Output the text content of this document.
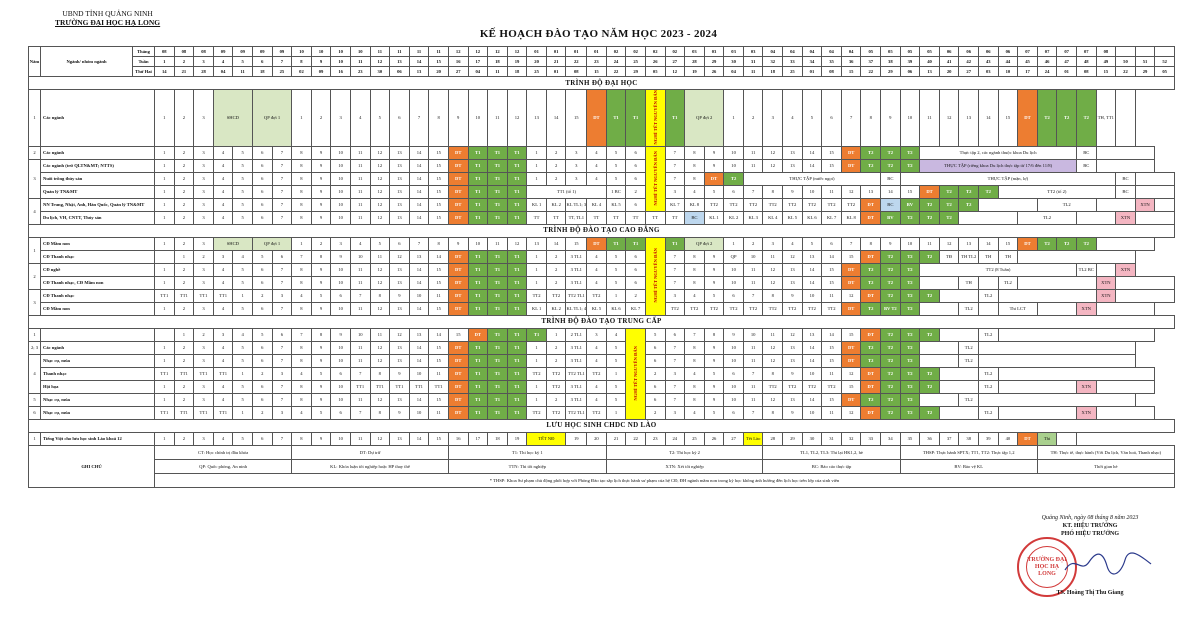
UBND TỈNH QUẢNG NINH
TRƯỜNG ĐẠI HỌC HẠ LONG
KẾ HOẠCH ĐÀO TẠO NĂM HỌC 2023 - 2024
Năm	Ngành/ nhóm ngành	Tháng	08	08	08	09	09	09	09	10	10	10	10	11	11	11	11	12	12	12	12	01	01	01	01	02	02	02	02	03	03	03	03	04	04	04	04	04	05	05	05	05	06	06	06	06	07	07	07	07	08			
		Tuần	1	2	3	4	5	6	7	8	9	10	11	12	13	14	15	16	17	18	19	20	21	22	23	24	25	26	27	28	29	30	31	32	33	34	35	36	37	38	39	40	41	42	43	44	45	46	47	48	49	50	51	52
		Thứ Hai	14	21	28	04	11	18	25	02	09	16	23	30	06	13	20	27	04	11	18	25	01	08	15	22	29	05	12	19	26	04	11	18	25	01	08	15	22	29	06	13	20	27	03	10	17	24	01	08	15	22	29	05
TRÌNH ĐỘ ĐẠI HỌC																																																						
1	Các ngành		1	2	3	SHCD		QP đợt 1		1	2	3	4	5	6	7	8	9	10	11	12	13	14	15	DT	T1	T1	NGHỈ TẾT NGUYÊN ĐÁN	T1	QP đợt 2		1	2	3	4	5	6	7	8	9	10	11	12	13	14	15	DT	T2	T2	T2	TH, TT1			
2	Các ngành		1	2	3	4	5	6	7	8	9	10	11	12	13	14	15	DT	T1	T1	T1	1	2	3	4	5	6	NGHỈ TẾT NGUYÊN ĐÁN	7	8	9	10	11	12	13	14	15	DT	T2	T2	T2	Thực tập 2, các ngành thuộc khoa Du lịch								BC				
3	Các ngành (trừ QLTN&MT; NTTS)		1	2	3	4	5	6	7	8	9	10	11	12	13	14	15	DT	T1	T1	T1	1	2	3	4	5	6		7	8	9	10	11	12	13	14	15	DT	T2	T2	T2	THỰC TẬP (riêng khoa Du lịch thực tập từ 17/6 đến 11/8)								BC				
	Nuôi trồng thủy sản		1	2	3	4	5	6	7	8	9	10	11	12	13	14	15	DT	T1	T1	T1	1	2	3	4	5	6		7	8	DT	T2	THỰC TẬP (nước ngọt)							BC	THỰC TẬP (mặn, lợ)											BC		
	Quản lý TN&MT		1	2	3	4	5	6	7	8	9	10	11	12	13	14	15	DT	T1	T1	T1	TT1 (tổ 1)				1 BC	2		3	4	5	6	7	8	9	10	11	12	13	14	15	DT	T2	T2	T2	TT2 (tổ 2)						BC		
4	NN Trung, Nhật, Anh, Hàn Quốc, Quản lý TN&MT		1	2	3	4	5	6	7	8	9	10	11	12	13	14	15	DT	T1	T1	T1	KL 1	KL 2	KL TL1; 3	KL 4	KL 5	6		KL 7	KL 8	TT2	TT2	TT2	TT2	TT2	TT2	TT2	TT2	DT	BC	BV	T2	T2	T2				TL2					XTN	
	Du lịch, VH, CNTT, Thủy sản		1	2	3	4	5	6	7	8	9	10	11	12	13	14	15	DT	T1	T1	T1	TT	TT	TT, TL1	TT	TT	TT	TT	TT	BC	KL 1	KL 2	KL 3	KL 4	KL 5	KL 6	KL 7	KL 8	DT	BV	T2	T2	T2				TL2					XTN		
TRÌNH ĐỘ ĐÀO TẠO CAO ĐẲNG																																																						
1	CĐ Mầm non		1	2	3	SHCD		QP đợt 1		1	2	3	4	5	6	7	8	9	10	11	12	13	14	15	DT	T1	T1	NGHỈ TẾT NGUYÊN ĐÁN	T1	QP đợt 2		1	2	3	4	5	6	7	8	9	10	11	12	13	14	15	DT	T2	T2	T2				
	CĐ Thanh nhạc			1	2	3	4	5	6	7	8	9	10	11	12	13	14	DT	T1	T1	T1	1	2	3 TL1	4	5	6		7	8	9	QP	10	11	12	13	14	15	DT	T2	T2	T2	TĐ	TH TL2	TH	TH								
2	CĐ nghề		1	2	3	4	5	6	7	8	9	10	11	12	13	14	15	DT	T1	T1	T1	1	2	3 TL1	4	5	6		7	8	9	10	11	12	13	14	15	DT	T2	T2	T2	TT2 (8 Tuần)								TL2 BC		XTN		
	CĐ Thanh nhạc, CĐ Mầm non		1	2	3	4	5	6	7	8	9	10	11	12	13	14	15	DT	T1	T1	T1	1	2	3 TL1	4	5	6		7	8	9	10	11	12	13	14	15	DT	T2	T2	T2			TH		TL2					XTN			
3	CĐ Thanh nhạc		TT1	TT1	TT1	TT1	1	2	3	4	5	6	7	8	9	10	11	DT	T1	T1	T1	TT2	TT2	TT2 TL1	TT2	1	2		3	4	5	6	7	8	9	10	11	12	DT	T2	T2	T2			TL2						XTN			
	CĐ Mầm non		1	2	3	4	5	6	7	8	9	10	11	12	13	14	15	DT	T1	T1	T1	KL 1	KL 2	KL TL1; 4	KL 5	KL 6	KL 7		TT2	TT2	TT2	TT2	TT2	TT2	TT2	TT2	TT2	DT	T2	BV T2	T2			TL2		Thi LCT				XTN				
TRÌNH ĐỘ ĐÀO TẠO TRUNG CẤP																																																						
1				1	2	3	4	5	6	7	8	9	10	11	12	13	14	15	DT	T1	T1	T1	1	2 TL1	3	4	NGHỈ TẾT NGUYÊN ĐÁN	5	6	7	8	9	10	11	12	13	14	15	DT	T2	T2	T2			TL2									
2; 3	Các ngành		1	2	3	4	5	6	7	8	9	10	11	12	13	14	15	DT	T1	T1	T1	1	2	3 TL1	4	5		6	7	8	9	10	11	12	13	14	15	DT	T2	T2	T2			TL2										
4	Nhạc cụ, múa		1	2	3	4	5	6	7	8	9	10	11	12	13	14	15	DT	T1	T1	T1	1	2	3 TL1	4	5		6	7	8	9	10	11	12	13	14	15	DT	T2	T2	T2			TL2										
	Thanh nhạc		TT1	TT1	TT1	TT1	1	2	3	4	5	6	7	8	9	10	11	DT	T1	T1	T1	TT2	TT2	TT2 TL1	TT2	1		2	3	4	5	6	7	8	9	10	11	12	DT	T2	T2	T2			TL2									
	Hội họa		1	2	3	4	5	6	7	8	9	10	TT1	TT1	TT1	TT1	TT1	DT	T1	T1	T1	1	TT2	3 TL1	4	5		6	7	8	9	10	11	TT2	TT2	TT2	TT2	15	DT	T2	T2	T2			TL2					XTN				
5	Nhạc cụ, múa		1	2	3	4	5	6	7	8	9	10	11	12	13	14	15	DT	T1	T1	T1	1	2	3 TL1	4	5		6	7	8	9	10	11	12	13	14	15	DT	T2	T2	T2			TL2										
6	Nhạc cụ, múa		TT1	TT1	TT1	TT1	1	2	3	4	5	6	7	8	9	10	11	DT	T1	T1	T1	TT2	TT2	TT2 TL1	TT2	1		2	3	4	5	6	7	8	9	10	11	12	DT	T2	T2	T2			TL2					XTN				
LƯU HỌC SINH CHDC ND LÀO																																																						
1	Tiếng Việt cho lưu học sinh Lào khoá 12		1	2	3	4	5	6	7	8	9	10	11	12	13	14	15	16	17	18	19	TẾT NĐ		19	20	21	22	23	24	25	26	27	Tết Lào	28	29	30	31	32	33	34	35	36	37	38	39	40	DT	Thi						
GHI CHÚ			CT: Học chính trị đầu khóa							DT: Dự trữ								T1: Thi học kỳ 1								T2: Thi học kỳ 2								TL1, TL2, TL3: Thi lại HK1,2, hè							THSP: Thực hành SPTX; TT1, TT2: Thực tập 1,2							TH: Thực tế, thực hành (Với Du lịch, Văn hoá, Thanh nhạc)						
			QP: Quốc phòng, An ninh							KL: Khóa luận tốt nghiệp hoặc HP thay thế								TTN: Thi tốt nghiệp								XTN: Xét tốt nghiệp								BC: Báo cáo thực tập							BV: Bảo vệ KL							Thời gian hè						
			* THSP: Khoa Sư phạm chủ động phối hợp với Phòng Đào tạo sắp lịch thực hành sư phạm của hệ CĐ, ĐH ngành mầm non trong kỳ học không ảnh hưởng đến lịch học trên lớp của sinh viên																																																			
TRƯỜNG ĐẠI HỌC HẠ LONG
Quảng Ninh, ngày 08 tháng 8 năm 2023
KT. HIỆU TRƯỞNG
PHÓ HIỆU TRƯỞNG
TS. Hoàng Thị Thu Giang
